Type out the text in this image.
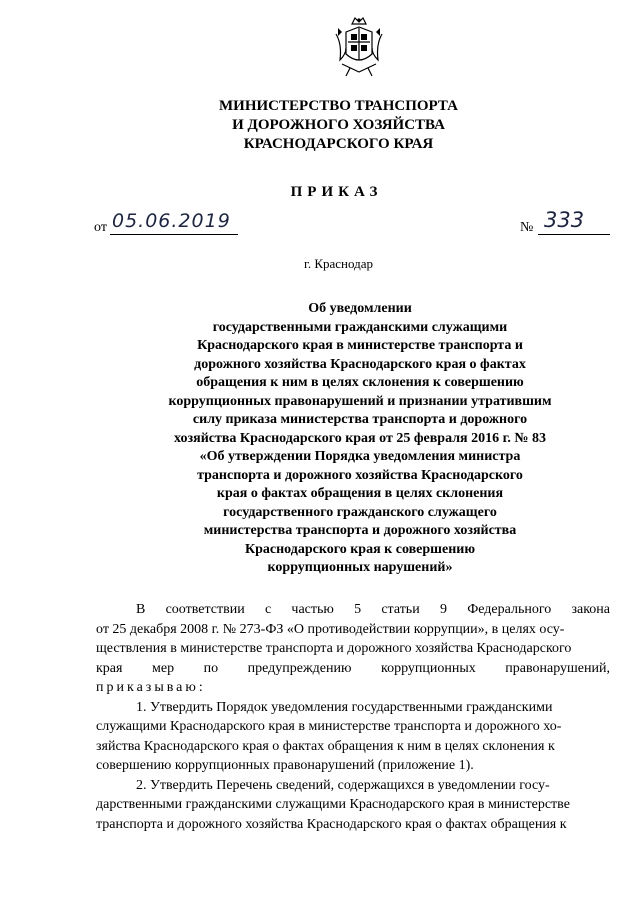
МИНИСТЕРСТВО ТРАНСПОРТА
И ДОРОЖНОГО ХОЗЯЙСТВА
КРАСНОДАРСКОГО КРАЯ
ПРИКАЗ
от 05.06.2019	№ 333
г. Краснодар
Об уведомлении
государственными гражданскими служащими
Краснодарского края в министерстве транспорта и
дорожного хозяйства Краснодарского края о фактах
обращения к ним в целях склонения к совершению
коррупционных правонарушений и признании утратившим
силу приказа министерства транспорта и дорожного
хозяйства Краснодарского края от 25 февраля 2016 г. № 83
«Об утверждении Порядка уведомления министра
транспорта и дорожного хозяйства Краснодарского
края о фактах обращения в целях склонения
государственного гражданского служащего
министерства транспорта и дорожного хозяйства
Краснодарского края к совершению
коррупционных нарушений»
В соответствии с частью 5 статьи 9 Федерального закона
от 25 декабря 2008 г. № 273-ФЗ «О противодействии коррупции», в целях осу-
ществления в министерстве транспорта и дорожного хозяйства Краснодарского
края мер по предупреждению коррупционных правонарушений,
приказываю:
1. Утвердить Порядок уведомления государственными гражданскими
служащими Краснодарского края в министерстве транспорта и дорожного хо-
зяйства Краснодарского края о фактах обращения к ним в целях склонения к
совершению коррупционных правонарушений (приложение 1).
2. Утвердить Перечень сведений, содержащихся в уведомлении госу-
дарственными гражданскими служащими Краснодарского края в министерстве
транспорта и дорожного хозяйства Краснодарского края о фактах обращения к
